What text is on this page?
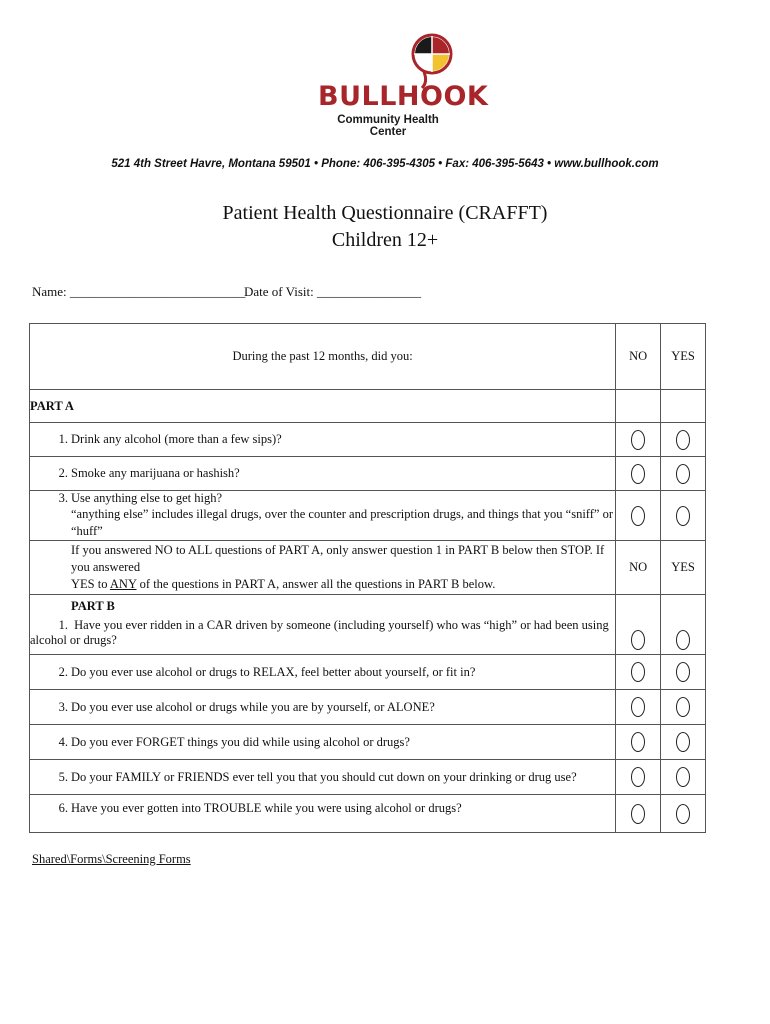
BULLHOOK
Community Health Center
521 4th Street Havre, Montana 59501 • Phone: 406-395-4305 • Fax: 406-395-5643 • www.bullhook.com
Patient Health Questionnaire (CRAFFT)
Children 12+
Name: ___________________________
Date of Visit: ________________
During the past 12 months, did you:	NO	YES
PART A		
1. Drink any alcohol (more than a few sips)?		
2. Smoke any marijuana or hashish?		

3. Use anything else to get high?
“anything else” includes illegal drugs, over the counter and prescription drugs, and things that you “sniff” or “huff”		

If you answered NO to ALL questions of PART A, only answer question 1 in PART B below then STOP. If you answered
YES to ANY of the questions in PART A, answer all the questions in PART B below.	NO	YES

PART B
1. Have you ever ridden in a CAR driven by someone (including yourself) who was “high” or had been using alcohol or drugs?		

2. Do you ever use alcohol or drugs to RELAX, feel better about yourself, or fit in?		
3. Do you ever use alcohol or drugs while you are by yourself, or ALONE?		
4. Do you ever FORGET things you did while using alcohol or drugs?		
5. Do your FAMILY or FRIENDS ever tell you that you should cut down on your drinking or drug use?		
6. Have you ever gotten into TROUBLE while you were using alcohol or drugs?		
Shared\Forms\Screening Forms
